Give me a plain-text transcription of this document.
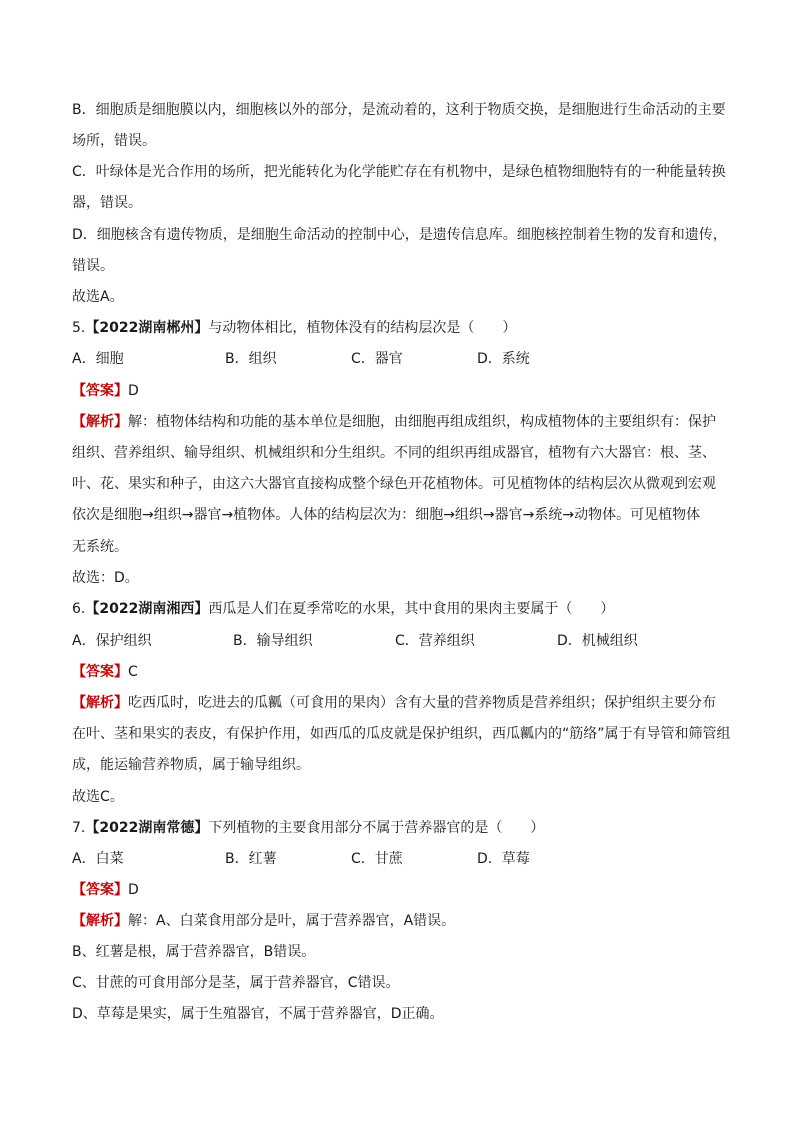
B．细胞质是细胞膜以内，细胞核以外的部分，是流动着的，这利于物质交换，是细胞进行生命活动的主要
场所，错误。
C．叶绿体是光合作用的场所，把光能转化为化学能贮存在有机物中，是绿色植物细胞特有的一种能量转换
器，错误。
D．细胞核含有遗传物质，是细胞生命活动的控制中心，是遗传信息库。细胞核控制着生物的发育和遗传，
错误。
故选A。
5.【2022湖南郴州】与动物体相比，植物体没有的结构层次是（　　）
A．细胞	B．组织	C．器官	D．系统
【答案】D
【解析】解：植物体结构和功能的基本单位是细胞，由细胞再组成组织，构成植物体的主要组织有：保护
组织、营养组织、输导组织、机械组织和分生组织。不同的组织再组成器官，植物有六大器官：根、茎、
叶、花、果实和种子，由这六大器官直接构成整个绿色开花植物体。可见植物体的结构层次从微观到宏观
依次是细胞→组织→器官→植物体。人体的结构层次为：细胞→组织→器官→系统→动物体。可见植物体
无系统。
故选：D。
6.【2022湖南湘西】西瓜是人们在夏季常吃的水果，其中食用的果肉主要属于（　　）
A．保护组织	B．输导组织	C．营养组织	D．机械组织
【答案】C
【解析】吃西瓜时，吃进去的瓜瓤（可食用的果肉）含有大量的营养物质是营养组织；保护组织主要分布
在叶、茎和果实的表皮，有保护作用，如西瓜的瓜皮就是保护组织，西瓜瓤内的“筋络”属于有导管和筛管组
成，能运输营养物质，属于输导组织。
故选C。
7.【2022湖南常德】下列植物的主要食用部分不属于营养器官的是（　　）
A．白菜	B．红薯	C．甘蔗	D．草莓
【答案】D
【解析】解：A、白菜食用部分是叶，属于营养器官，A错误。
B、红薯是根，属于营养器官，B错误。
C、甘蔗的可食用部分是茎，属于营养器官，C错误。
D、草莓是果实，属于生殖器官，不属于营养器官，D正确。
